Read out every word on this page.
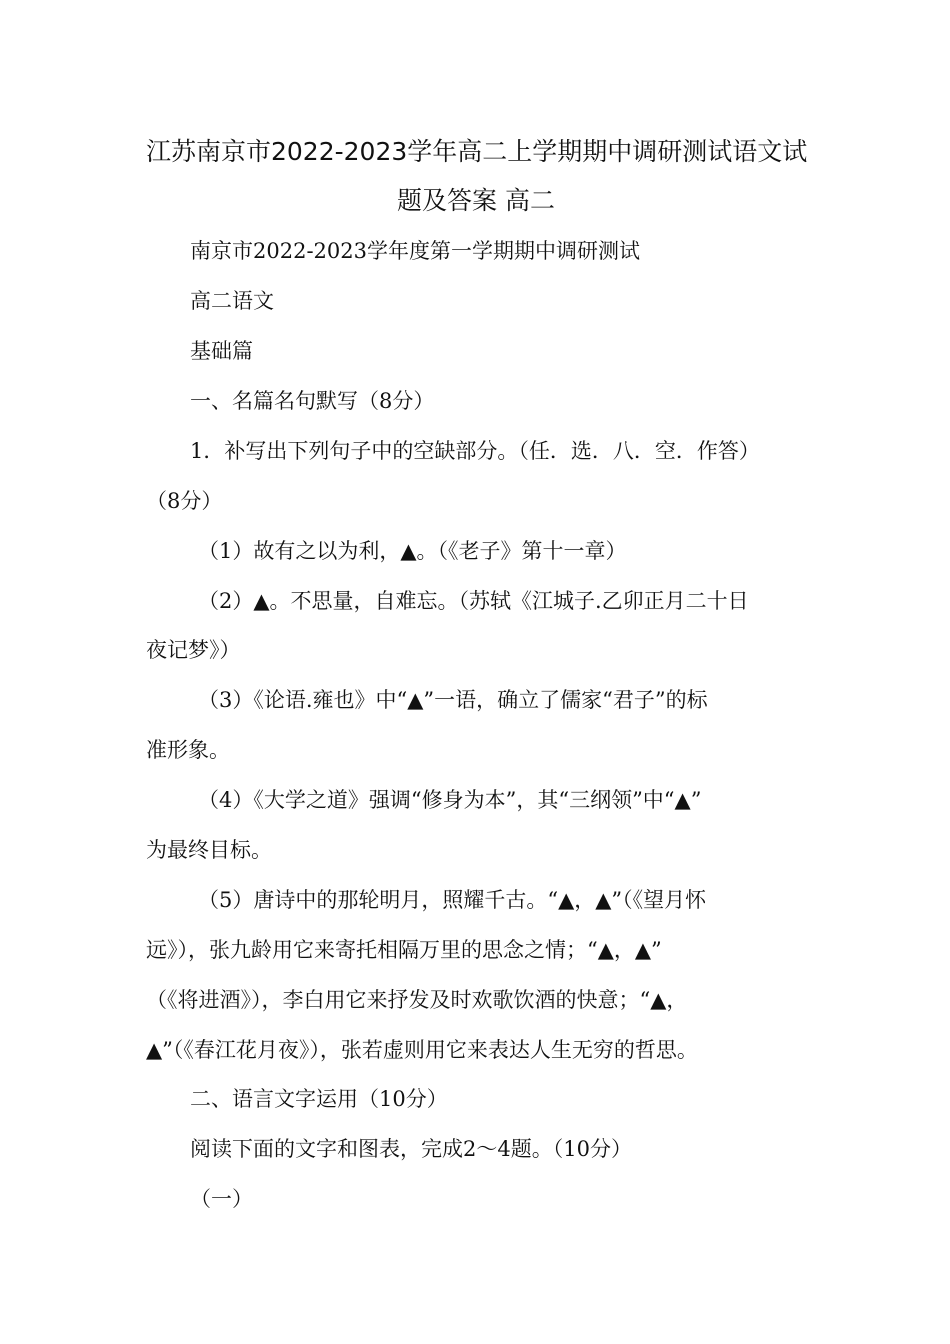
江苏南京市2022-2023学年高二上学期期中调研测试语文试
题及答案 高二
南京市2022-2023学年度第一学期期中调研测试
高二语文
基础篇
一、名篇名句默写（8分）
1．补写出下列句子中的空缺部分。（任．选．八．空．作答）
（8分）
（1）故有之以为利，▲。（《老子》第十一章）
（2）▲。不思量，自难忘。（苏轼《江城子.乙卯正月二十日
夜记梦》）
（3）《论语.雍也》中“▲”一语，确立了儒家“君子”的标
准形象。
（4）《大学之道》强调“修身为本”，其“三纲领”中“▲”
为最终目标。
（5）唐诗中的那轮明月，照耀千古。“▲，▲”（《望月怀
远》），张九龄用它来寄托相隔万里的思念之情；“▲，▲”
（《将进酒》），李白用它来抒发及时欢歌饮酒的快意；“▲，
▲”（《春江花月夜》），张若虚则用它来表达人生无穷的哲思。
二、语言文字运用（10分）
阅读下面的文字和图表，完成2～4题。（10分）
（一）
